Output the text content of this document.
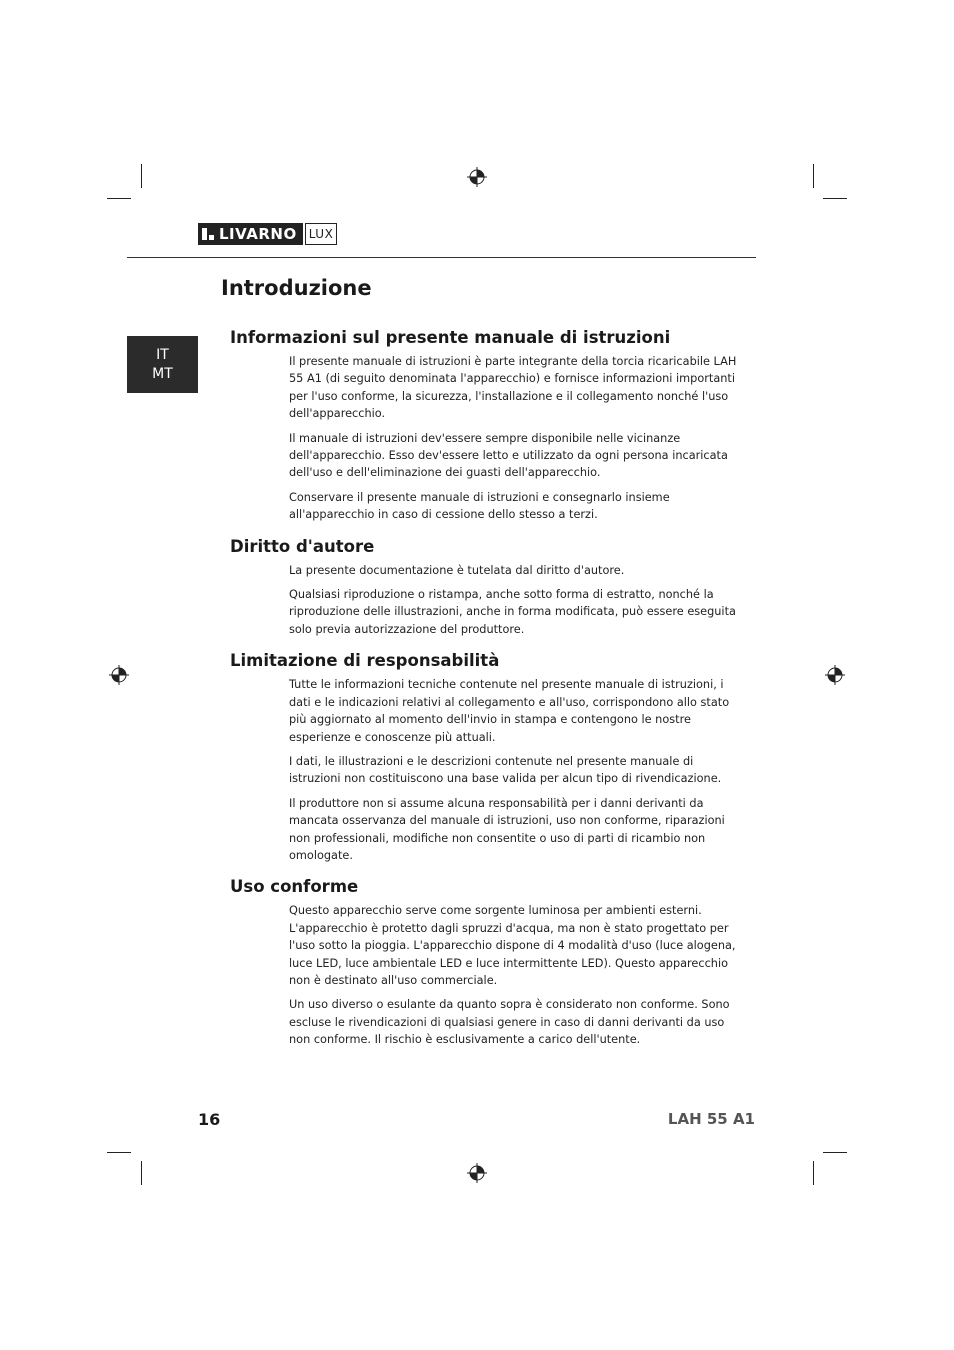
LIVARNO	LUX
Introduzione
IT
MT
Informazioni sul presente manuale di istruzioni

Il presente manuale di istruzioni è parte integrante della torcia ricaricabile LAH 55 A1 (di seguito denominata l'apparecchio) e fornisce informazioni importanti per l'uso conforme, la sicurezza, l'installazione e il collegamento nonché l'uso dell'apparecchio.

Il manuale di istruzioni dev'essere sempre disponibile nelle vicinanze dell'apparecchio. Esso dev'essere letto e utilizzato da ogni persona incaricata dell'uso e dell'eliminazione dei guasti dell'apparecchio.

Conservare il presente manuale di istruzioni e consegnarlo insieme all'apparecchio in caso di cessione dello stesso a terzi.

Diritto d'autore

La presente documentazione è tutelata dal diritto d'autore.

Qualsiasi riproduzione o ristampa, anche sotto forma di estratto, nonché la riproduzione delle illustrazioni, anche in forma modificata, può essere eseguita solo previa autorizzazione del produttore.

Limitazione di responsabilità

Tutte le informazioni tecniche contenute nel presente manuale di istruzioni, i dati e le indicazioni relativi al collegamento e all'uso, corrispondono allo stato più aggiornato al momento dell'invio in stampa e contengono le nostre esperienze e conoscenze più attuali.

I dati, le illustrazioni e le descrizioni contenute nel presente manuale di istruzioni non costituiscono una base valida per alcun tipo di rivendicazione.

Il produttore non si assume alcuna responsabilità per i danni derivanti da mancata osservanza del manuale di istruzioni, uso non conforme, riparazioni non professionali, modifiche non consentite o uso di parti di ricambio non omologate.

Uso conforme

Questo apparecchio serve come sorgente luminosa per ambienti esterni. L'apparecchio è protetto dagli spruzzi d'acqua, ma non è stato progettato per l'uso sotto la pioggia. L'apparecchio dispone di 4 modalità d'uso (luce alogena, luce LED, luce ambientale LED e luce intermittente LED). Questo apparecchio non è destinato all'uso commerciale.

Un uso diverso o esulante da quanto sopra è considerato non conforme. Sono escluse le rivendicazioni di qualsiasi genere in caso di danni derivanti da uso non conforme. Il rischio è esclusivamente a carico dell'utente.

16	LAH 55 A1
